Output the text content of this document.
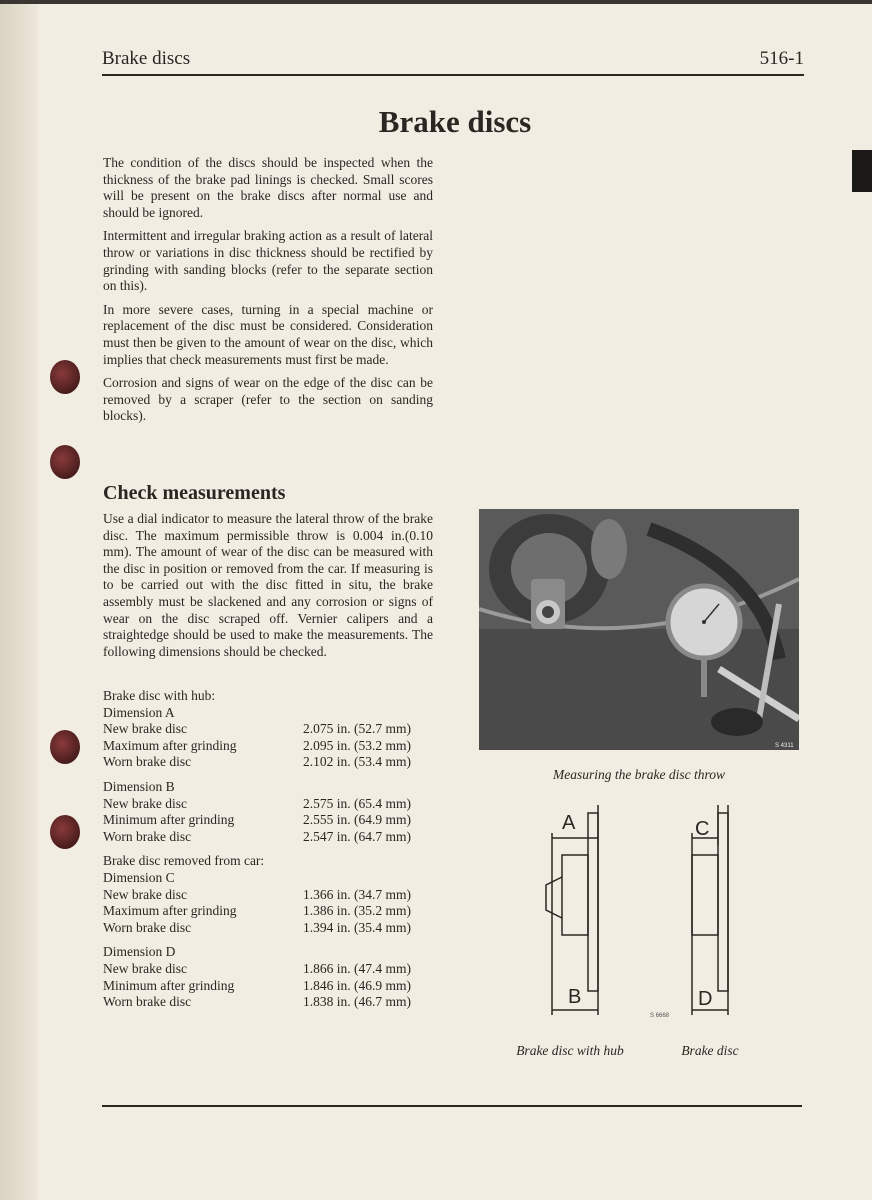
Brake discs	516-1
Brake discs

The condition of the discs should be inspected when the thickness of the brake pad linings is checked. Small scores will be present on the brake discs after normal use and should be ignored.

Intermittent and irregular braking action as a result of lateral throw or variations in disc thickness should be rectified by grinding with sanding blocks (refer to the separate section on this).

In more severe cases, turning in a special machine or replacement of the disc must be considered. Consideration must then be given to the amount of wear on the disc, which implies that check measurements must first be made.

Corrosion and signs of wear on the edge of the disc can be removed by a scraper (refer to the section on sanding blocks).

Check measurements

Use a dial indicator to measure the lateral throw of the brake disc. The maximum permissible throw is 0.004 in.(0.10 mm). The amount of wear of the disc can be measured with the disc in position or removed from the car. If measuring is to be carried out with the disc fitted in situ, the brake assembly must be slackened and any corrosion or signs of wear on the disc scraped off. Vernier calipers and a straightedge should be used to make the measurements. The following dimensions should be checked.

Brake disc with hub:
Dimension A
New brake disc	2.075 in. (52.7 mm)
Maximum after grinding	2.095 in. (53.2 mm)
Worn brake disc	2.102 in. (53.4 mm)
Dimension B
New brake disc	2.575 in. (65.4 mm)
Minimum after grinding	2.555 in. (64.9 mm)
Worn brake disc	2.547 in. (64.7 mm)
Brake disc removed from car:
Dimension C
New brake disc	1.366 in. (34.7 mm)
Maximum after grinding	1.386 in. (35.2 mm)
Worn brake disc	1.394 in. (35.4 mm)
Dimension D
New brake disc	1.866 in. (47.4 mm)
Minimum after grinding	1.846 in. (46.9 mm)
Worn brake disc	1.838 in. (46.7 mm)
S 4311
Measuring the brake disc throw
A
B
C
D
S 6668
Brake disc with hub	Brake disc
